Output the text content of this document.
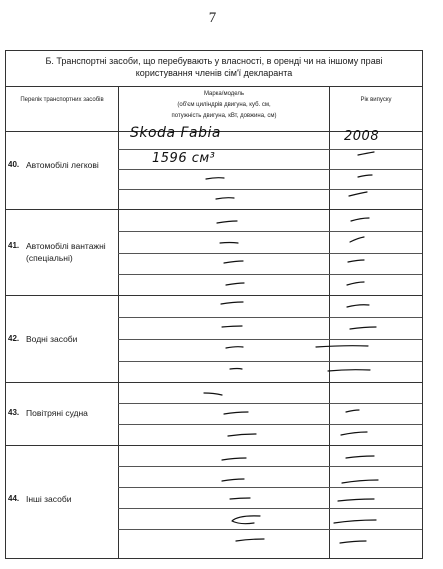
7
Б. Транспортні засоби, що перебувають у власності, в оренді чи на іншому праві
користування членів сім'ї декларанта
Перелік транспортних засобів
Марка/модель
(об'єм циліндрів двигуна, куб. см,
потужність двигуна, кВт, довжина, см)
Рік випуску
40. Автомобілі легкові
41. Автомобілі вантажні (спеціальні)
42. Водні засоби
43. Повітряні судна
44. Інші засоби
Skoda Fabia
1596 см³
2008
